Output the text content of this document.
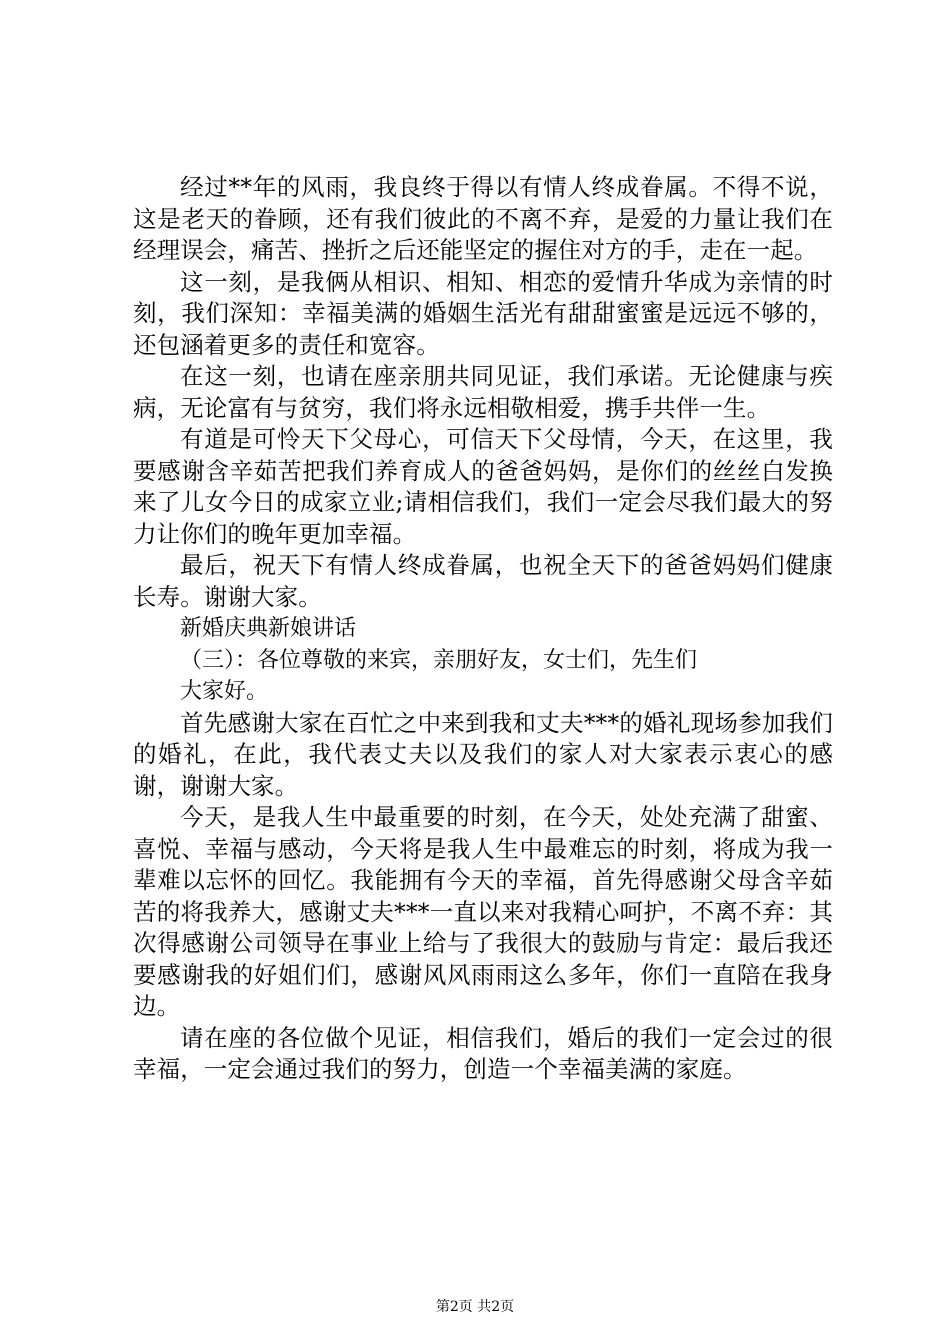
经过**年的风雨，我良终于得以有情人终成眷属。不得不说，这是老天的眷顾，还有我们彼此的不离不弃，是爱的力量让我们在经理误会，痛苦、挫折之后还能坚定的握住对方的手，走在一起。

这一刻，是我俩从相识、相知、相恋的爱情升华成为亲情的时刻，我们深知：幸福美满的婚姻生活光有甜甜蜜蜜是远远不够的，还包涵着更多的责任和宽容。

在这一刻，也请在座亲朋共同见证，我们承诺。无论健康与疾病，无论富有与贫穷，我们将永远相敬相爱，携手共伴一生。

有道是可怜天下父母心，可信天下父母情，今天，在这里，我要感谢含辛茹苦把我们养育成人的爸爸妈妈，是你们的丝丝白发换来了儿女今日的成家立业;请相信我们，我们一定会尽我们最大的努力让你们的晚年更加幸福。

最后，祝天下有情人终成眷属，也祝全天下的爸爸妈妈们健康长寿。谢谢大家。

新婚庆典新娘讲话

（三）：各位尊敬的来宾，亲朋好友，女士们，先生们

大家好。

首先感谢大家在百忙之中来到我和丈夫***的婚礼现场参加我们的婚礼，在此，我代表丈夫以及我们的家人对大家表示衷心的感谢，谢谢大家。

今天，是我人生中最重要的时刻，在今天，处处充满了甜蜜、喜悦、幸福与感动，今天将是我人生中最难忘的时刻，将成为我一辈难以忘怀的回忆。我能拥有今天的幸福，首先得感谢父母含辛茹苦的将我养大，感谢丈夫***一直以来对我精心呵护，不离不弃：其次得感谢公司领导在事业上给与了我很大的鼓励与肯定：最后我还要感谢我的好姐们们，感谢风风雨雨这么多年，你们一直陪在我身边。

请在座的各位做个见证，相信我们，婚后的我们一定会过的很幸福，一定会通过我们的努力，创造一个幸福美满的家庭。

第2页 共2页
